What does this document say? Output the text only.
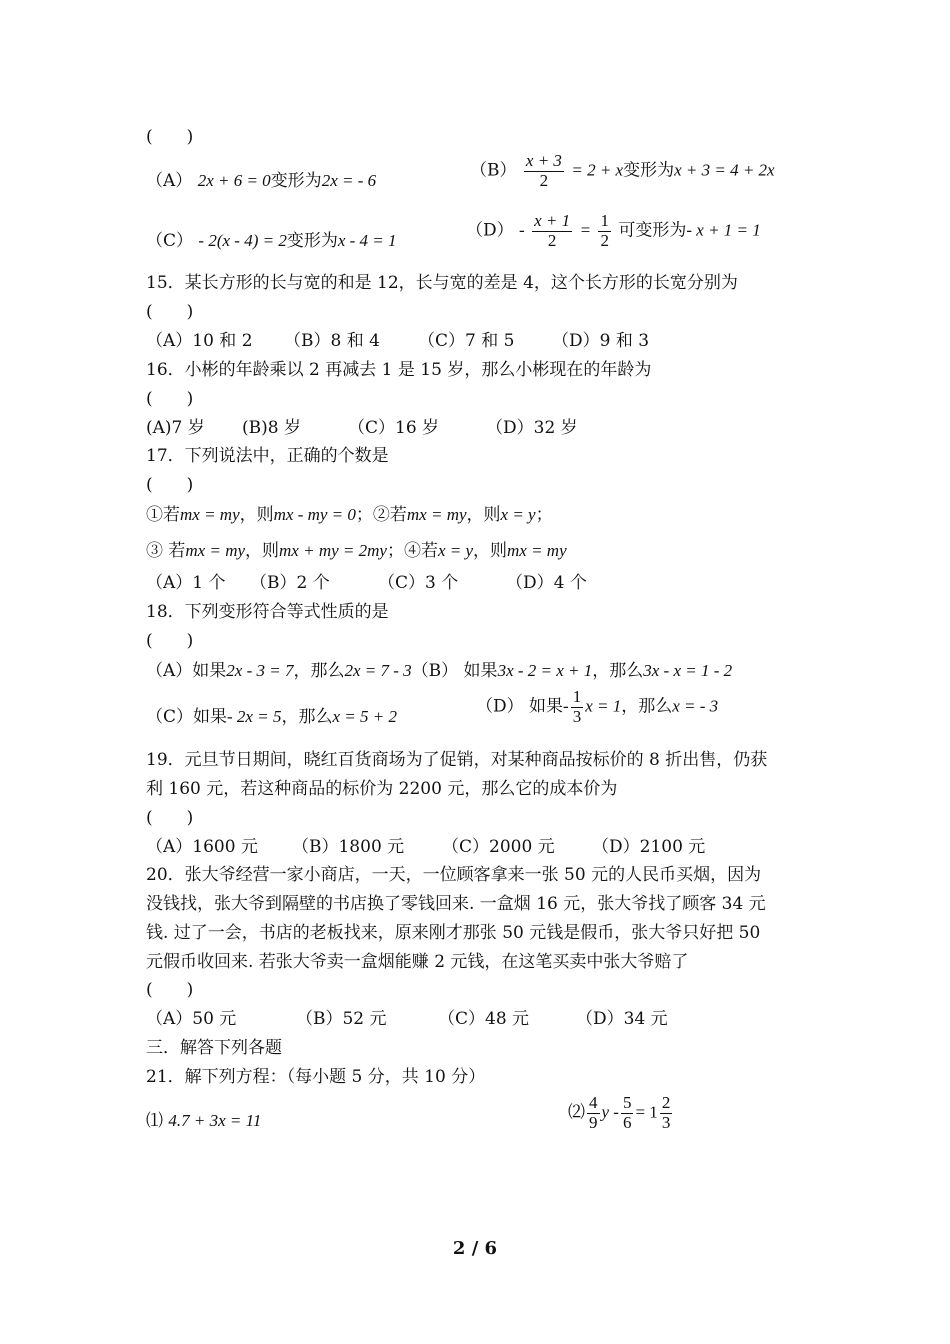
(　　)
（A） 2x + 6 = 0变形为2x = - 6	$(B) \frac{x + 3}{2} = 2 + x$变形为x + 3 = 4 + 2x
（C） - 2(x - 4) = 2变形为x - 4 = 1	$(D) - \frac{x + 1}{2} = \frac{1}{2}$ 可变形为- x + 1 = 1
15．某长方形的长与宽的和是 12，长与宽的差是 4，这个长方形的长宽分别为
(　　)
（A）10 和 2 （B）8 和 4 （C）7 和 5 （D）9 和 3
16．小彬的年龄乘以 2 再减去 1 是 15 岁，那么小彬现在的年龄为
(　　)
(A)7 岁 (B)8 岁	（C）16 岁	（D）32 岁
17．下列说法中，正确的个数是
(　　)
①若mx = my，则mx - my = 0；②若mx = my，则x = y；
③ 若mx = my，则mx + my = 2my；④若x = y，则mx = my
（A）1 个 （B）2 个	（C）3 个	（D）4 个
18．下列变形符合等式性质的是
(　　)
（A）如果2x - 3 = 7，那么2x = 7 - 3（B） 如果3x - 2 = x + 1，那么3x - x = 1 - 2
（C）如果- 2x = 5，那么x = 5 + 2	（D） 如果- $\frac{1}{3}$ x = 1，那么x = - 3
19．元旦节日期间，晓红百货商场为了促销，对某种商品按标价的 8 折出售，仍获
利 160 元，若这种商品的标价为 2200 元，那么它的成本价为
(　　)
（A）1600 元 （B）1800 元 （C）2000 元 （D）2100 元
20．张大爷经营一家小商店，一天，一位顾客拿来一张 50 元的人民币买烟，因为
没钱找，张大爷到隔壁的书店换了零钱回来. 一盒烟 16 元，张大爷找了顾客 34 元
钱. 过了一会，书店的老板找来，原来刚才那张 50 元钱是假币，张大爷只好把 50
元假币收回来. 若张大爷卖一盒烟能赚 2 元钱，在这笔买卖中张大爷赔了
(　　)
（A）50 元	（B）52 元	（C）48 元	（D）34 元
三．解答下列各题
21．解下列方程：（每小题 5 分，共 10 分）
⑴ 4.7 + 3x = 11	⑵ $\frac{4}{9}$ $y - \frac{5}{6} = 1 \frac{2}{3}$
2 / 6
